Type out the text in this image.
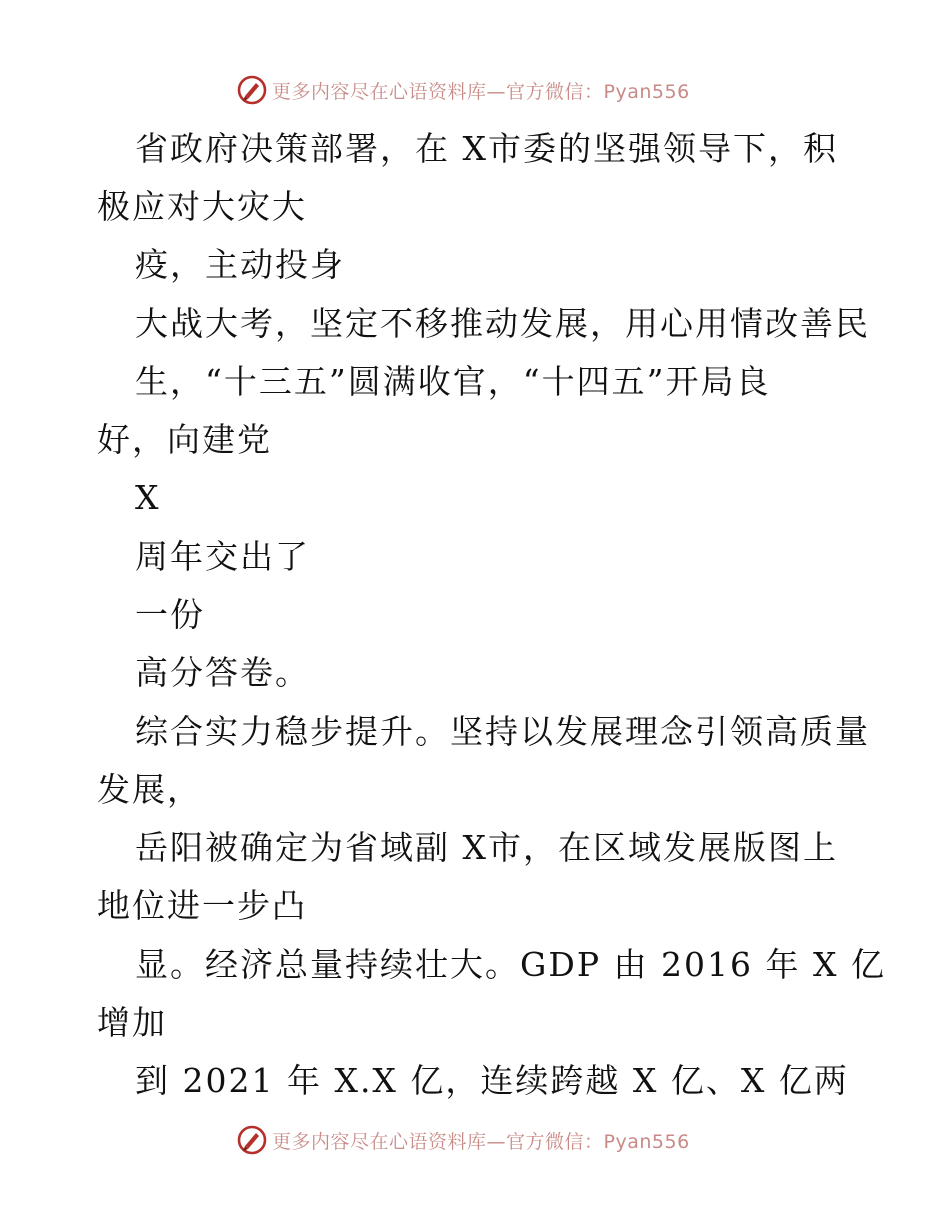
更多内容尽在心语资料库—官方微信：Pyan556
省政府决策部署，在 X市委的坚强领导下，积
极应对大灾大
疫，主动投身
大战大考，坚定不移推动发展，用心用情改善民
生，“十三五”圆满收官，“十四五”开局良
好，向建党
X
周年交出了
一份
高分答卷。
综合实力稳步提升。坚持以发展理念引领高质量
发展，
岳阳被确定为省域副 X市，在区域发展版图上
地位进一步凸
显。经济总量持续壮大。GDP 由 2016 年 X 亿
增加
到 2021 年 X.X 亿，连续跨越 X 亿、X 亿两
更多内容尽在心语资料库—官方微信：Pyan556
